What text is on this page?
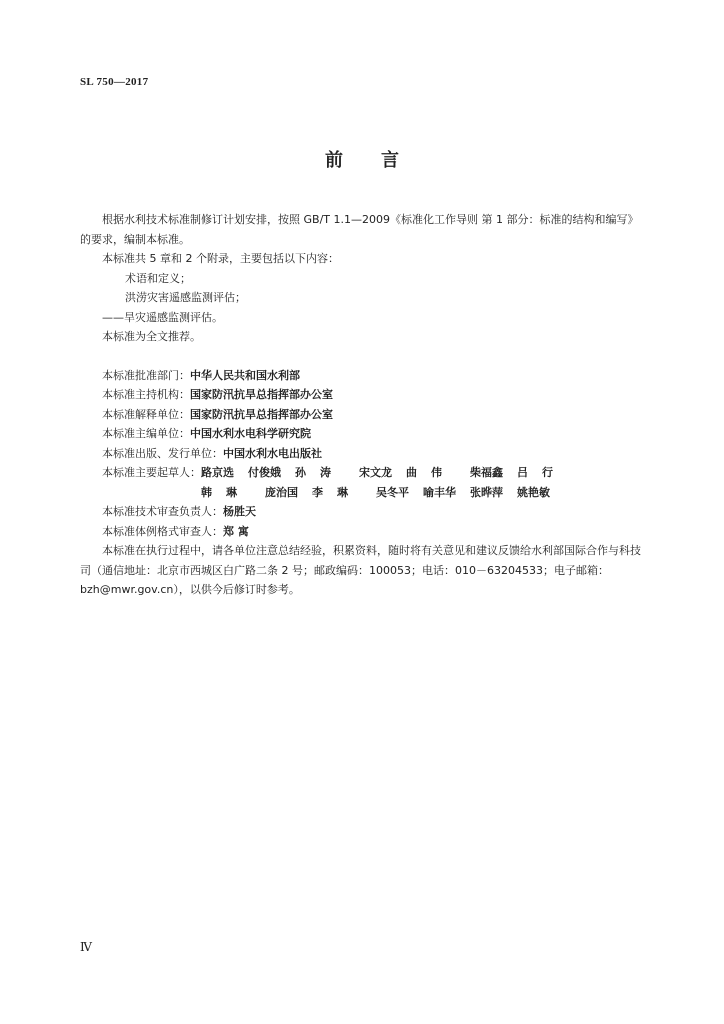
SL 750—2017
前言

根据水利技术标准制修订计划安排，按照 GB/T 1.1—2009《标准化工作导则 第 1 部分：标准的结构和编写》的要求，编制本标准。

本标准共 5 章和 2 个附录，主要包括以下内容：

术语和定义；

洪涝灾害遥感监测评估；

——旱灾遥感监测评估。

本标准为全文推荐。

本标准批准部门：中华人民共和国水利部

本标准主持机构：国家防汛抗旱总指挥部办公室

本标准解释单位：国家防汛抗旱总指挥部办公室

本标准主编单位：中国水利水电科学研究院

本标准出版、发行单位：中国水利水电出版社

本标准主要起草人： 路京选 付俊娥 孙涛 宋文龙 曲伟 柴福鑫 吕行
韩琳 庞治国 李琳 吴冬平 喻丰华 张晔萍 姚艳敏

本标准技术审查负责人：杨胜天

本标准体例格式审查人：郑 寓

本标准在执行过程中，请各单位注意总结经验，积累资料，随时将有关意见和建议反馈给水利部国际合作与科技司（通信地址：北京市西城区白广路二条 2 号；邮政编码：100053；电话：010－63204533；电子邮箱：bzh@mwr.gov.cn），以供今后修订时参考。

Ⅳ
